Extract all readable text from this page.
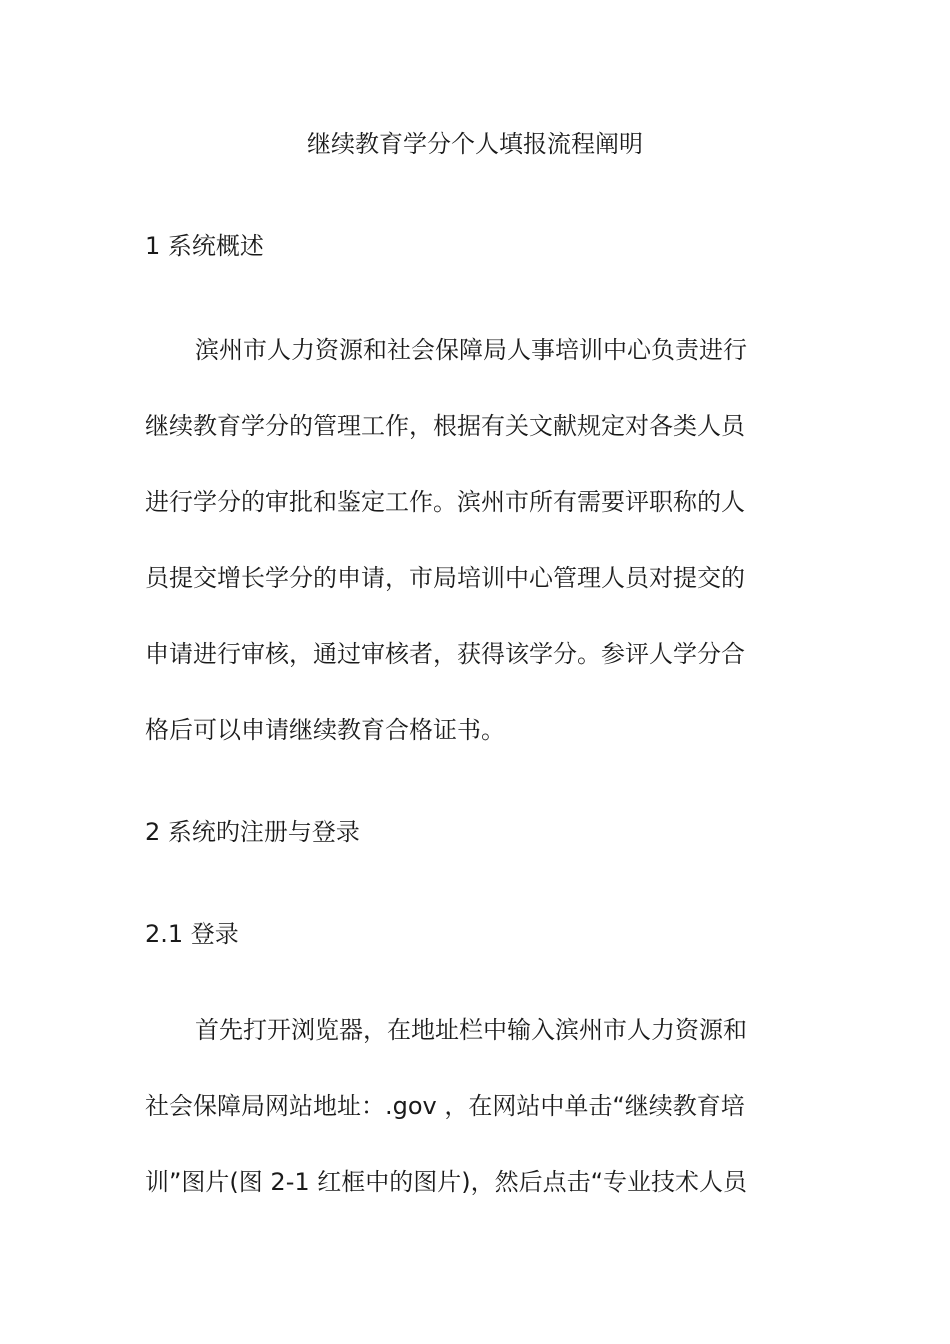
继续教育学分个人填报流程阐明
1 系统概述
滨州市人力资源和社会保障局人事培训中心负责进行
继续教育学分的管理工作，根据有关文献规定对各类人员
进行学分的审批和鉴定工作。滨州市所有需要评职称的人
员提交增长学分的申请，市局培训中心管理人员对提交的
申请进行审核，通过审核者，获得该学分。参评人学分合
格后可以申请继续教育合格证书。
2 系统旳注册与登录
2.1 登录
首先打开浏览器，在地址栏中输入滨州市人力资源和
社会保障局网站地址：.gov ，在网站中单击“继续教育培
训”图片(图 2-1 红框中的图片)，然后点击“专业技术人员
